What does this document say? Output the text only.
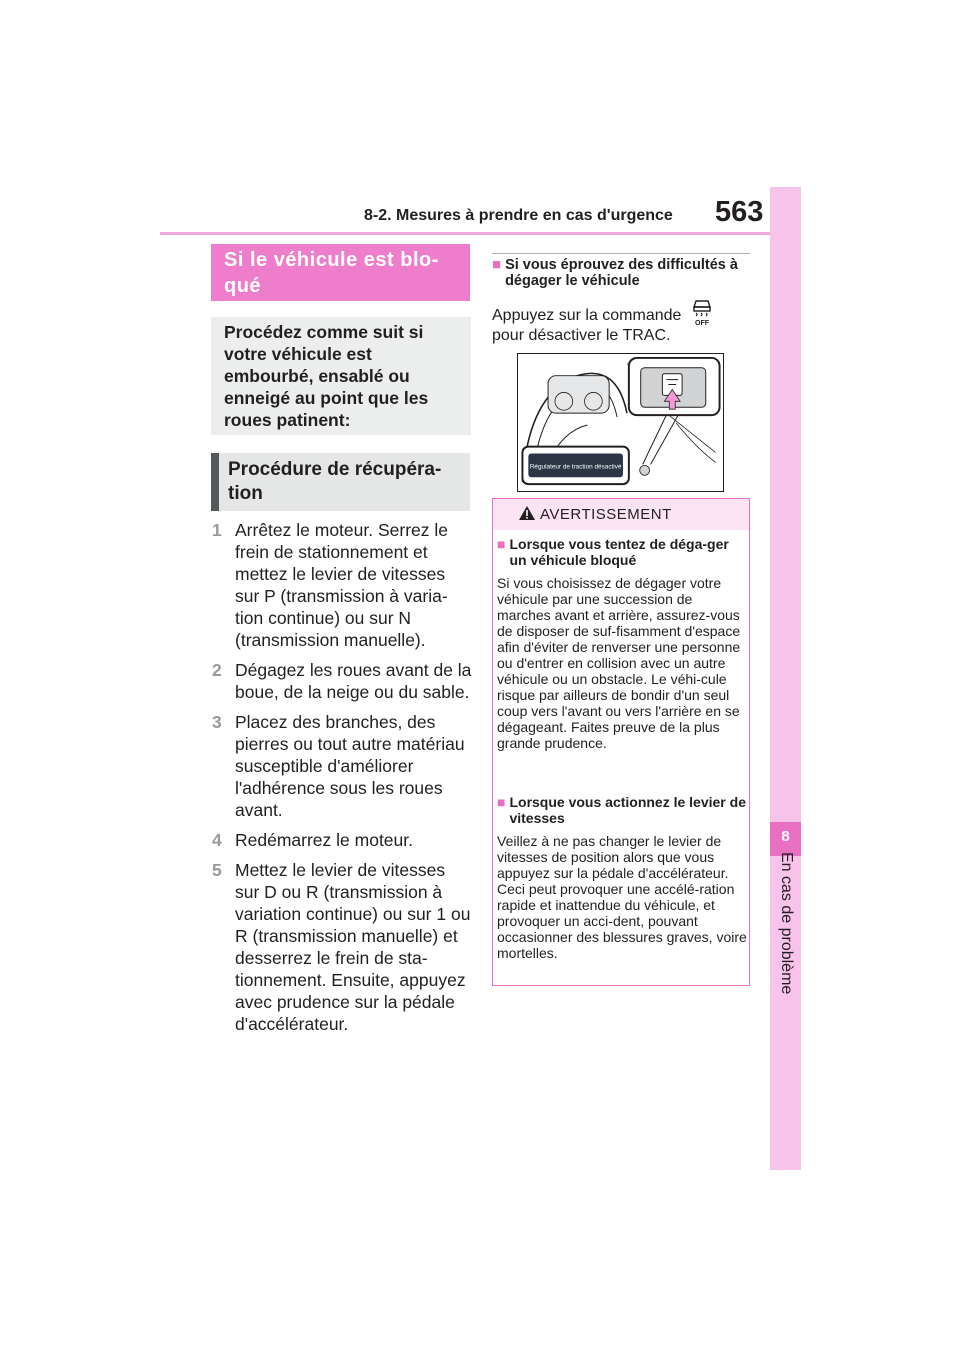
8-2. Mesures à prendre en cas d'urgence 563
8
En cas de problème
Si le véhicule est blo-
qué
Procédez comme suit si votre véhicule est embourbé, ensablé ou enneigé au point que les roues patinent:
Procédure de récupéra-
tion
1 Arrêtez le moteur. Serrez le frein de stationnement et mettez le levier de vitesses sur P (transmission à varia-tion continue) ou sur N (transmission manuelle).
2 Dégagez les roues avant de la boue, de la neige ou du sable.
3 Placez des branches, des pierres ou tout autre matériau susceptible d'améliorer l'adhérence sous les roues avant.
4 Redémarrez le moteur.
5 Mettez le levier de vitesses sur D ou R (transmission à variation continue) ou sur 1 ou R (transmission manuelle) et desserrez le frein de sta-tionnement. Ensuite, appuyez avec prudence sur la pédale d'accélérateur.
■ Si vous éprouvez des difficultés à dégager le véhicule
Appuyez sur la commande pour désactiver le TRAC.
OFF
Régulateur de traction désactivé
AVERTISSEMENT
■ Lorsque vous tentez de déga-ger un véhicule bloqué
Si vous choisissez de dégager votre véhicule par une succession de marches avant et arrière, assurez-vous de disposer de suf-fisamment d'espace afin d'éviter de renverser une personne ou d'entrer en collision avec un autre véhicule ou un obstacle. Le véhi-cule risque par ailleurs de bondir d'un seul coup vers l'avant ou vers l'arrière en se dégageant. Faites preuve de la plus grande prudence.
■ Lorsque vous actionnez le levier de vitesses
Veillez à ne pas changer le levier de vitesses de position alors que vous appuyez sur la pédale d'accélérateur.
Ceci peut provoquer une accélé-ration rapide et inattendue du véhicule, et provoquer un acci-dent, pouvant occasionner des blessures graves, voire mortelles.
